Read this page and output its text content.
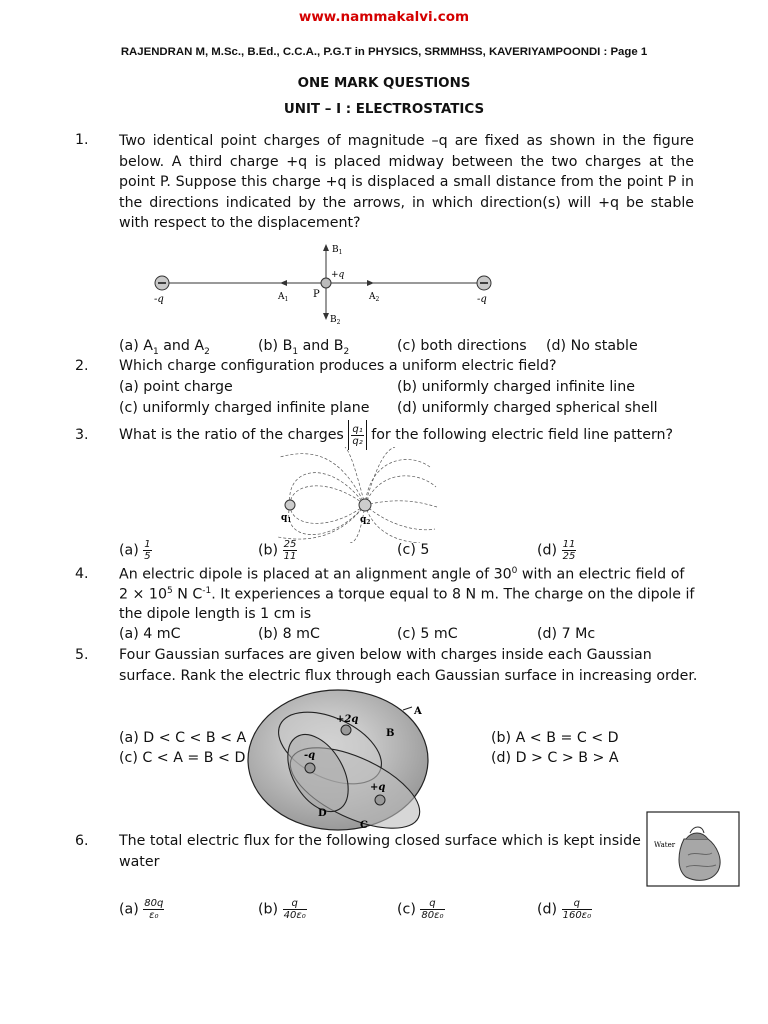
www.nammakalvi.com
RAJENDRAN M, M.Sc., B.Ed., C.C.A., P.G.T in PHYSICS, SRMMHSS, KAVERIYAMPOONDI : Page 1
ONE MARK QUESTIONS
UNIT – I : ELECTROSTATICS
1. Two identical point charges of magnitude –q are fixed as shown in the figure below. A third charge +q is placed midway between the two charges at the point P. Suppose this charge +q is displaced a small distance from the point P in the directions indicated by the arrows, in which direction(s) will +q be stable with respect to the displacement?
-q	-q
+q
P
$A_1$	$A_2$
$B_1$
$B_2$
(a) $A_1$ and $A_2$	(b) $B_1$ and $B_2$	(c) both directions (d) No stable
2. Which charge configuration produces a uniform electric field?
(a) point charge	(b) uniformly charged infinite line
(c) uniformly charged infinite plane (d) uniformly charged spherical shell
3. What is the ratio of the charges $\frac{\text{q₁}}{\text{q₂}}$ for the following electric field line pattern?
$q_1$	$q_2$
$(a) \frac{1}{5}$	$(b) \frac{25}{11}$	(c) 5	$(d) \frac{11}{25}$
4. An electric dipole is placed at an alignment angle of $30^0$ with an electric field of
$2 \times 10^5$ N $C^{-1}$. It experiences a torque equal to 8 N m. The charge on the dipole if
the dipole length is 1 cm is
(a) 4 mC	(b) 8 mC	(c) 5 mC	(d) 7 Mc
5. Four Gaussian surfaces are given below with charges inside each Gaussian
surface. Rank the electric flux through each Gaussian surface in increasing order.
+2q
-q
+q
A
B
C
D
(a) D < C < B < A	(b) A < B = C < D
(c) C < A = B < D	(d) D > C > B > A
6. The total electric flux for the following closed surface which is kept inside
water
Water
$(a) \frac{80q}{\text{ε₀}}$	$(b) \frac{q}{\text{40ε₀}}$	$(c) \frac{q}{\text{80ε₀}}$	$(d) \frac{q}{\text{160ε₀}}$
